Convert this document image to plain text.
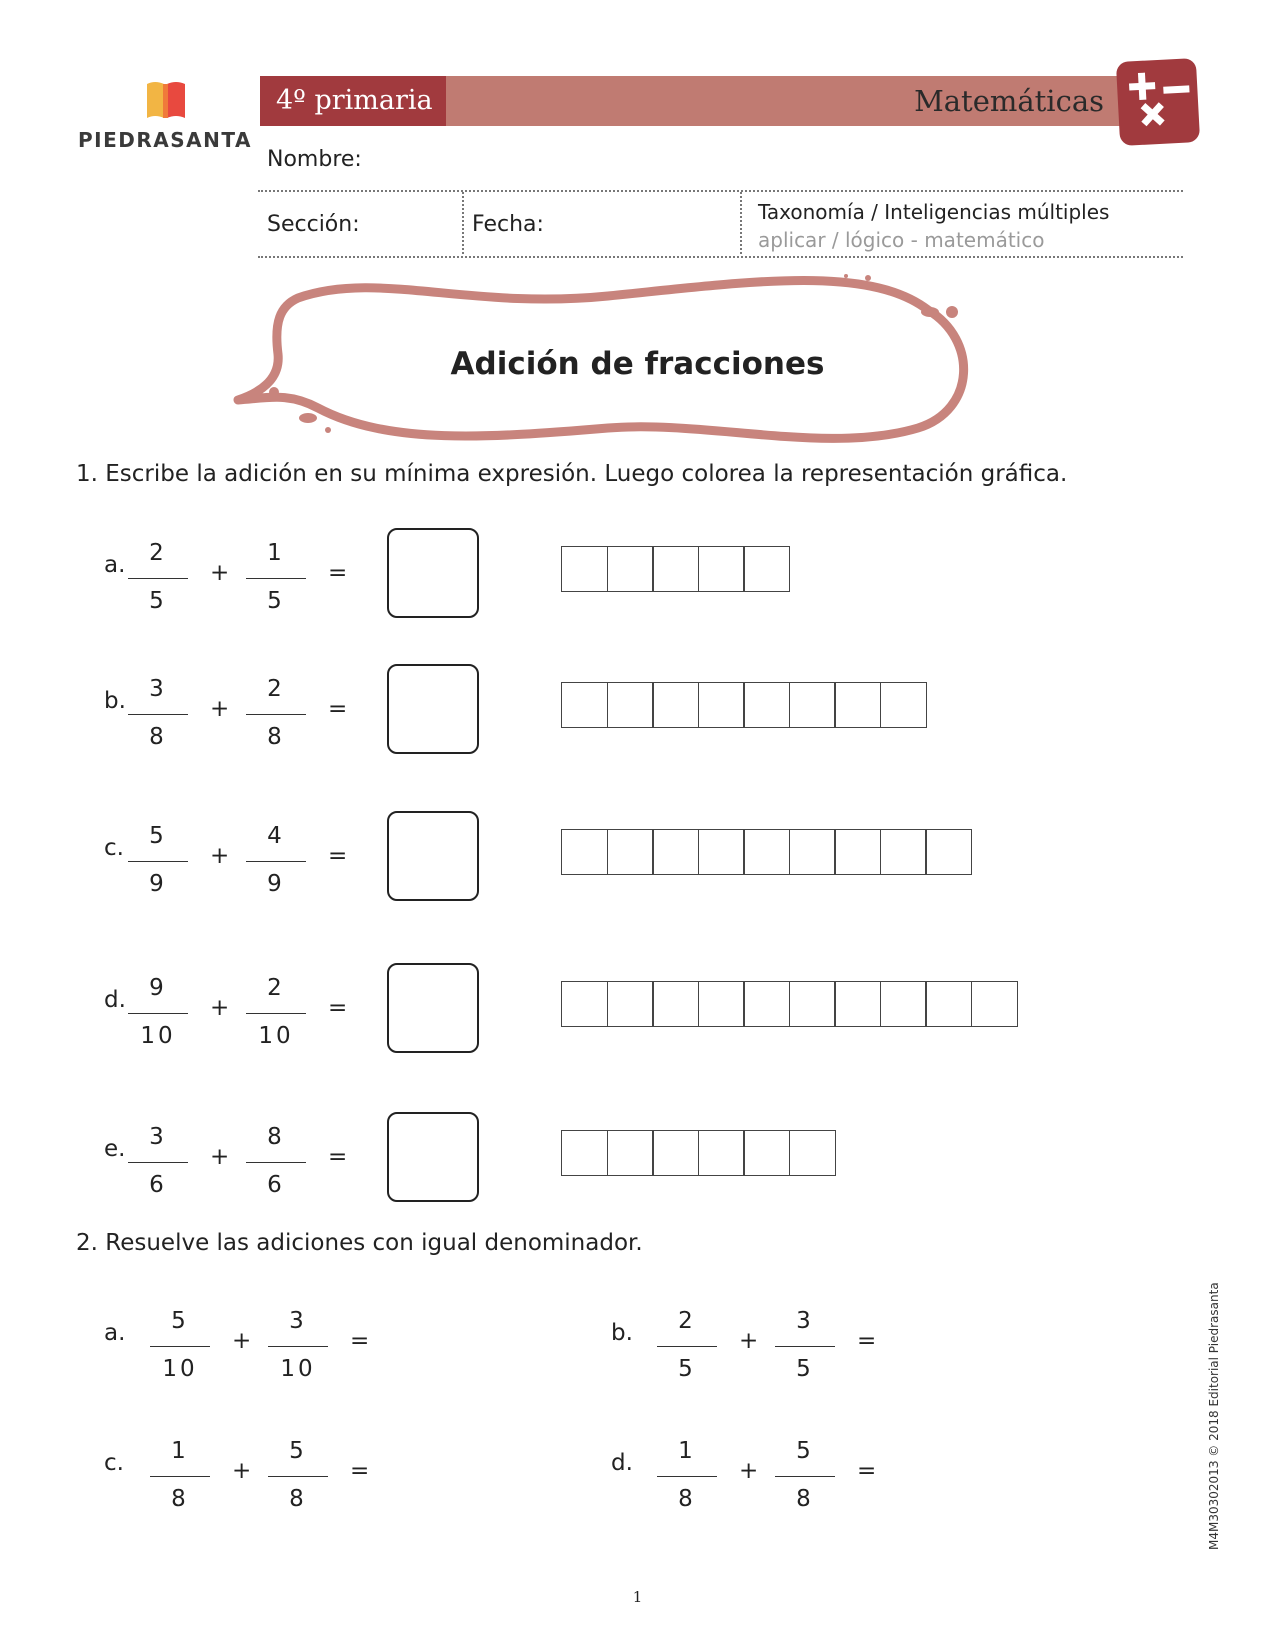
PIEDRASANTA
4º primaria	Matemáticas
Nombre:
Sección:	Fecha:	Taxonomía / Inteligencias múltiples
aplicar / lógico - matemático
Adición de fracciones
1. Escribe la adición en su mínima expresión. Luego colorea la representación gráfica.
a.	2
5
+
1
5
=
b.	3
8
+
2
8
=
c.	5
9
+
4
9
=
d.	9
10
+
2
10
=
e.	3
6
+
8
6
=
2. Resuelve las adiciones con igual denominador.
a.	5
10
+
3
10
=	b.	2
5
+
3
5
=
c.	1
8
+
5
8
=	d.	1
8
+
5
8
=	M4M3030201З © 2018 Editorial Piedrasanta
1
